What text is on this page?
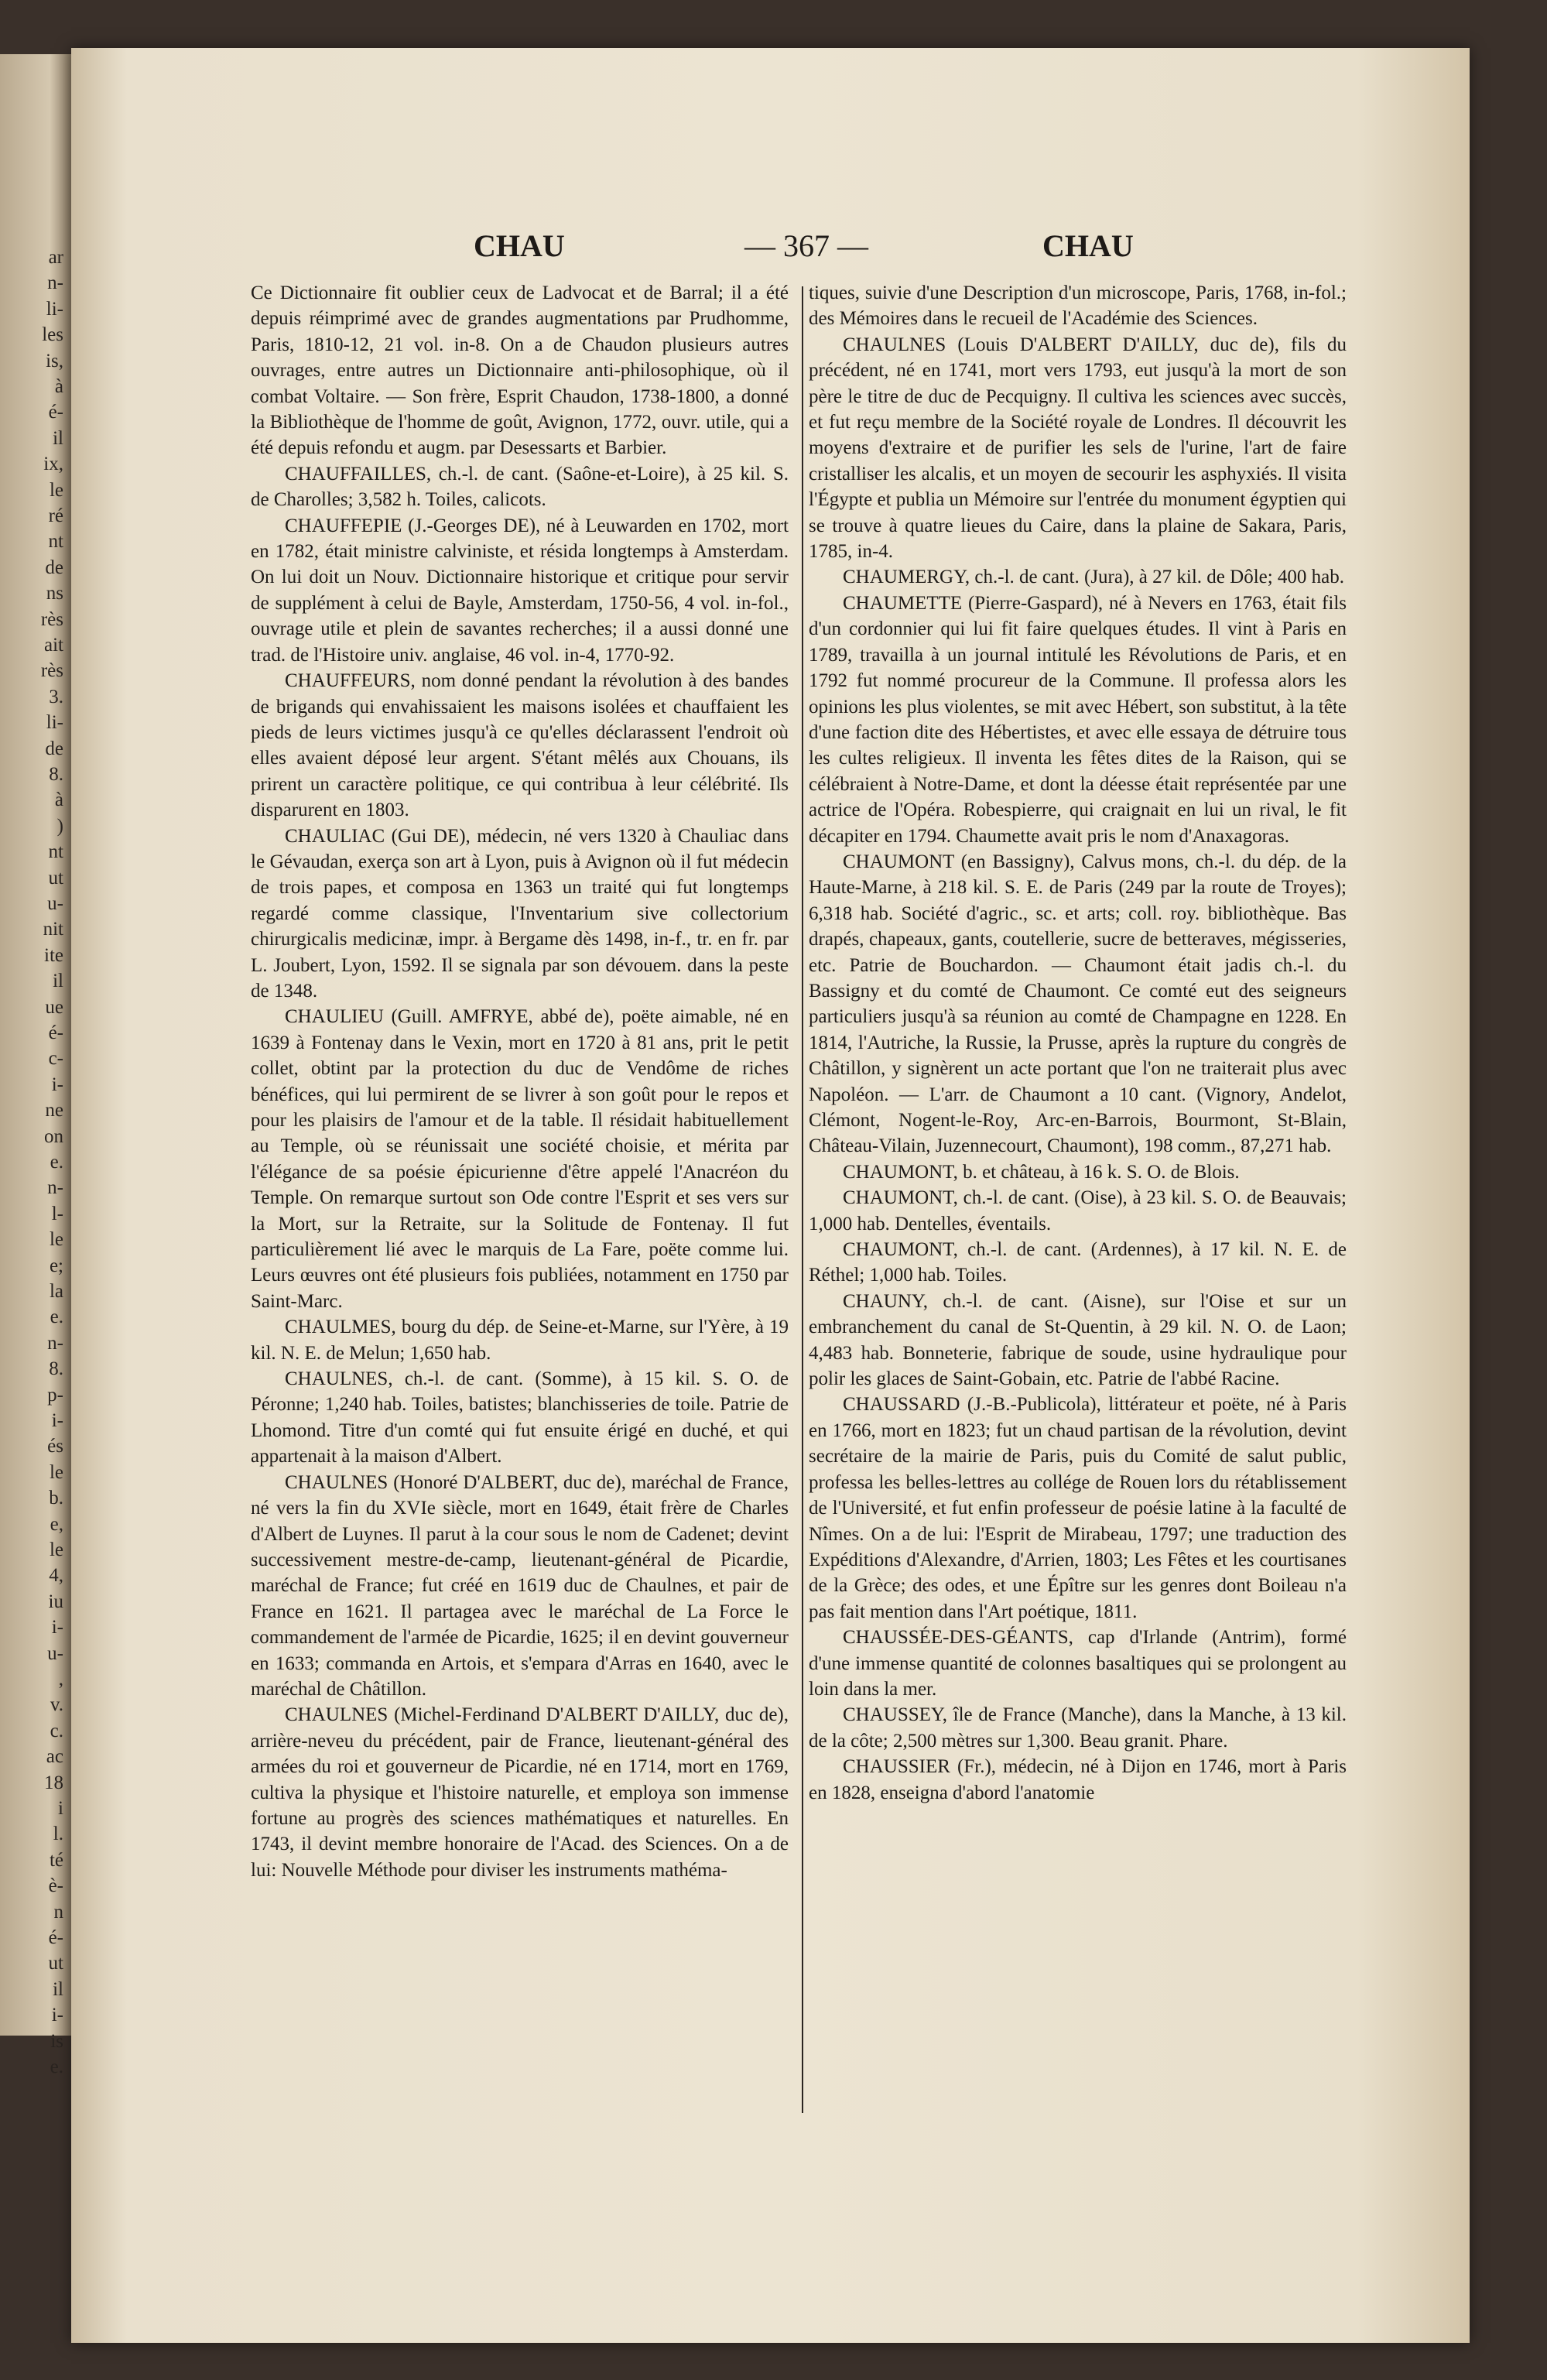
ar
n-
li-
les
is,
à
é-
il
ix,
le
ré
nt
de
ns
rès
ait
rès
3.
li-
de
8.
à
)
nt
ut
u-
nit
ite
il
ue
é-
c-
i-
ne
on
e.
n-
l-
le
e;
la
e.
n-
8.
p-
i-
és
le
b.
e,
le
4,
iu
i-
u-
,
v.
c.
ac
18
i
l.
té
è-
n
é-
ut
il
i-
is
e.
CHAU	— 367 —	CHAU

Ce Dictionnaire fit oublier ceux de Ladvocat et de Barral; il a été depuis réimprimé avec de grandes augmentations par Prudhomme, Paris, 1810-12, 21 vol. in-8. On a de Chaudon plusieurs autres ouvrages, entre autres un Dictionnaire anti-philosophique, où il combat Voltaire. — Son frère, Esprit Chaudon, 1738-1800, a donné la Bibliothèque de l'homme de goût, Avignon, 1772, ouvr. utile, qui a été depuis refondu et augm. par Desessarts et Barbier.

CHAUFFAILLES, ch.-l. de cant. (Saône-et-Loire), à 25 kil. S. de Charolles; 3,582 h. Toiles, calicots.

CHAUFFEPIE (J.-Georges DE), né à Leuwarden en 1702, mort en 1782, était ministre calviniste, et résida longtemps à Amsterdam. On lui doit un Nouv. Dictionnaire historique et critique pour servir de supplément à celui de Bayle, Amsterdam, 1750-56, 4 vol. in-fol., ouvrage utile et plein de savantes recherches; il a aussi donné une trad. de l'Histoire univ. anglaise, 46 vol. in-4, 1770-92.

CHAUFFEURS, nom donné pendant la révolution à des bandes de brigands qui envahissaient les maisons isolées et chauffaient les pieds de leurs victimes jusqu'à ce qu'elles déclarassent l'endroit où elles avaient déposé leur argent. S'étant mêlés aux Chouans, ils prirent un caractère politique, ce qui contribua à leur célébrité. Ils disparurent en 1803.

CHAULIAC (Gui DE), médecin, né vers 1320 à Chauliac dans le Gévaudan, exerça son art à Lyon, puis à Avignon où il fut médecin de trois papes, et composa en 1363 un traité qui fut longtemps regardé comme classique, l'Inventarium sive collectorium chirurgicalis medicinæ, impr. à Bergame dès 1498, in-f., tr. en fr. par L. Joubert, Lyon, 1592. Il se signala par son dévouem. dans la peste de 1348.

CHAULIEU (Guill. AMFRYE, abbé de), poëte aimable, né en 1639 à Fontenay dans le Vexin, mort en 1720 à 81 ans, prit le petit collet, obtint par la protection du duc de Vendôme de riches bénéfices, qui lui permirent de se livrer à son goût pour le repos et pour les plaisirs de l'amour et de la table. Il résidait habituellement au Temple, où se réunissait une société choisie, et mérita par l'élégance de sa poésie épicurienne d'être appelé l'Anacréon du Temple. On remarque surtout son Ode contre l'Esprit et ses vers sur la Mort, sur la Retraite, sur la Solitude de Fontenay. Il fut particulièrement lié avec le marquis de La Fare, poëte comme lui. Leurs œuvres ont été plusieurs fois publiées, notamment en 1750 par Saint-Marc.

CHAULMES, bourg du dép. de Seine-et-Marne, sur l'Yère, à 19 kil. N. E. de Melun; 1,650 hab.

CHAULNES, ch.-l. de cant. (Somme), à 15 kil. S. O. de Péronne; 1,240 hab. Toiles, batistes; blanchisseries de toile. Patrie de Lhomond. Titre d'un comté qui fut ensuite érigé en duché, et qui appartenait à la maison d'Albert.

CHAULNES (Honoré D'ALBERT, duc de), maréchal de France, né vers la fin du XVIe siècle, mort en 1649, était frère de Charles d'Albert de Luynes. Il parut à la cour sous le nom de Cadenet; devint successivement mestre-de-camp, lieutenant-général de Picardie, maréchal de France; fut créé en 1619 duc de Chaulnes, et pair de France en 1621. Il partagea avec le maréchal de La Force le commandement de l'armée de Picardie, 1625; il en devint gouverneur en 1633; commanda en Artois, et s'empara d'Arras en 1640, avec le maréchal de Châtillon.

CHAULNES (Michel-Ferdinand D'ALBERT D'AILLY, duc de), arrière-neveu du précédent, pair de France, lieutenant-général des armées du roi et gouverneur de Picardie, né en 1714, mort en 1769, cultiva la physique et l'histoire naturelle, et employa son immense fortune au progrès des sciences mathématiques et naturelles. En 1743, il devint membre honoraire de l'Acad. des Sciences. On a de lui: Nouvelle Méthode pour diviser les instruments mathéma-

tiques, suivie d'une Description d'un microscope, Paris, 1768, in-fol.; des Mémoires dans le recueil de l'Académie des Sciences.

CHAULNES (Louis D'ALBERT D'AILLY, duc de), fils du précédent, né en 1741, mort vers 1793, eut jusqu'à la mort de son père le titre de duc de Pecquigny. Il cultiva les sciences avec succès, et fut reçu membre de la Société royale de Londres. Il découvrit les moyens d'extraire et de purifier les sels de l'urine, l'art de faire cristalliser les alcalis, et un moyen de secourir les asphyxiés. Il visita l'Égypte et publia un Mémoire sur l'entrée du monument égyptien qui se trouve à quatre lieues du Caire, dans la plaine de Sakara, Paris, 1785, in-4.

CHAUMERGY, ch.-l. de cant. (Jura), à 27 kil. de Dôle; 400 hab.

CHAUMETTE (Pierre-Gaspard), né à Nevers en 1763, était fils d'un cordonnier qui lui fit faire quelques études. Il vint à Paris en 1789, travailla à un journal intitulé les Révolutions de Paris, et en 1792 fut nommé procureur de la Commune. Il professa alors les opinions les plus violentes, se mit avec Hébert, son substitut, à la tête d'une faction dite des Hébertistes, et avec elle essaya de détruire tous les cultes religieux. Il inventa les fêtes dites de la Raison, qui se célébraient à Notre-Dame, et dont la déesse était représentée par une actrice de l'Opéra. Robespierre, qui craignait en lui un rival, le fit décapiter en 1794. Chaumette avait pris le nom d'Anaxagoras.

CHAUMONT (en Bassigny), Calvus mons, ch.-l. du dép. de la Haute-Marne, à 218 kil. S. E. de Paris (249 par la route de Troyes); 6,318 hab. Société d'agric., sc. et arts; coll. roy. bibliothèque. Bas drapés, chapeaux, gants, coutellerie, sucre de betteraves, mégisseries, etc. Patrie de Bouchardon. — Chaumont était jadis ch.-l. du Bassigny et du comté de Chaumont. Ce comté eut des seigneurs particuliers jusqu'à sa réunion au comté de Champagne en 1228. En 1814, l'Autriche, la Russie, la Prusse, après la rupture du congrès de Châtillon, y signèrent un acte portant que l'on ne traiterait plus avec Napoléon. — L'arr. de Chaumont a 10 cant. (Vignory, Andelot, Clémont, Nogent-le-Roy, Arc-en-Barrois, Bourmont, St-Blain, Château-Vilain, Juzennecourt, Chaumont), 198 comm., 87,271 hab.

CHAUMONT, b. et château, à 16 k. S. O. de Blois.

CHAUMONT, ch.-l. de cant. (Oise), à 23 kil. S. O. de Beauvais; 1,000 hab. Dentelles, éventails.

CHAUMONT, ch.-l. de cant. (Ardennes), à 17 kil. N. E. de Réthel; 1,000 hab. Toiles.

CHAUNY, ch.-l. de cant. (Aisne), sur l'Oise et sur un embranchement du canal de St-Quentin, à 29 kil. N. O. de Laon; 4,483 hab. Bonneterie, fabrique de soude, usine hydraulique pour polir les glaces de Saint-Gobain, etc. Patrie de l'abbé Racine.

CHAUSSARD (J.-B.-Publicola), littérateur et poëte, né à Paris en 1766, mort en 1823; fut un chaud partisan de la révolution, devint secrétaire de la mairie de Paris, puis du Comité de salut public, professa les belles-lettres au collége de Rouen lors du rétablissement de l'Université, et fut enfin professeur de poésie latine à la faculté de Nîmes. On a de lui: l'Esprit de Mirabeau, 1797; une traduction des Expéditions d'Alexandre, d'Arrien, 1803; Les Fêtes et les courtisanes de la Grèce; des odes, et une Épître sur les genres dont Boileau n'a pas fait mention dans l'Art poétique, 1811.

CHAUSSÉE-DES-GÉANTS, cap d'Irlande (Antrim), formé d'une immense quantité de colonnes basaltiques qui se prolongent au loin dans la mer.

CHAUSSEY, île de France (Manche), dans la Manche, à 13 kil. de la côte; 2,500 mètres sur 1,300. Beau granit. Phare.

CHAUSSIER (Fr.), médecin, né à Dijon en 1746, mort à Paris en 1828, enseigna d'abord l'anatomie
